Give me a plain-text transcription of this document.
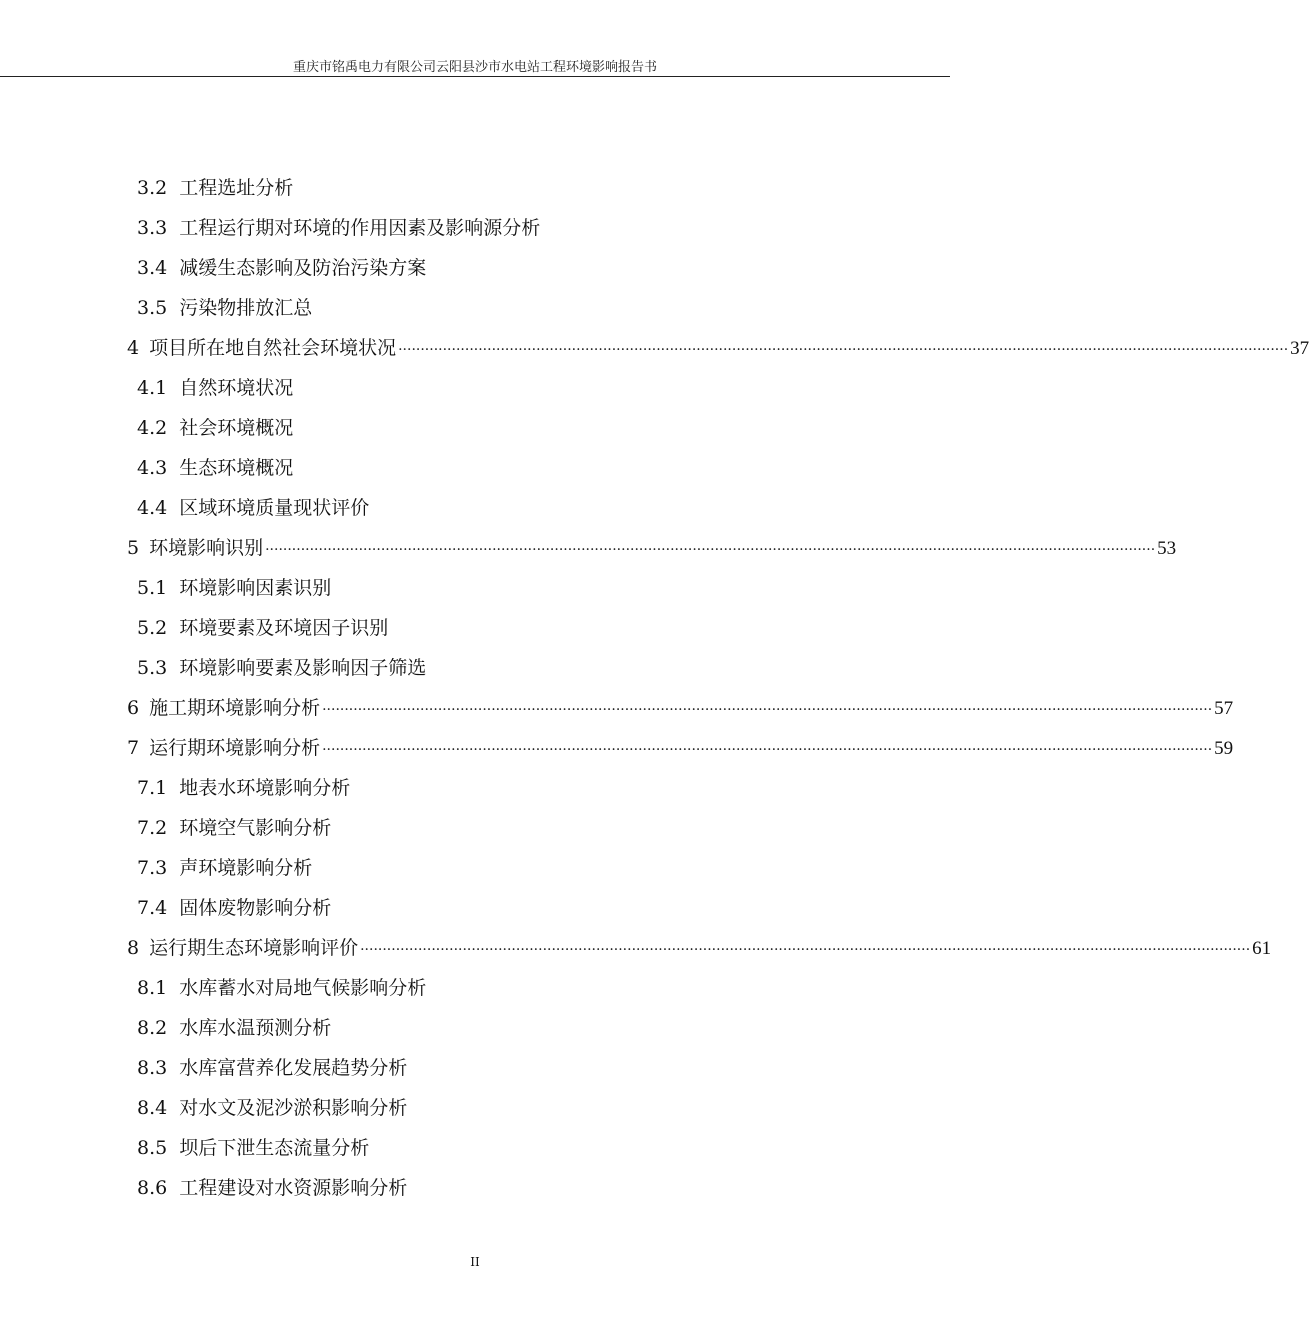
重庆市铭禹电力有限公司云阳县沙市水电站工程环境影响报告书
3.2 工程选址分析
3.3 工程运行期对环境的作用因素及影响源分析
3.4 减缓生态影响及防治污染方案
3.5 污染物排放汇总
4 项目所在地自然社会环境状况 ········································································································································································································ 37
4.1 自然环境状况
4.2 社会环境概况
4.3 生态环境概况
4.4 区域环境质量现状评价
5 环境影响识别 ········································································································································································································ 53
5.1 环境影响因素识别
5.2 环境要素及环境因子识别
5.3 环境影响要素及影响因子筛选
6 施工期环境影响分析 ········································································································································································································ 57
7 运行期环境影响分析 ········································································································································································································ 59
7.1 地表水环境影响分析
7.2 环境空气影响分析
7.3 声环境影响分析
7.4 固体废物影响分析
8 运行期生态环境影响评价 ········································································································································································································ 61
8.1 水库蓄水对局地气候影响分析
8.2 水库水温预测分析
8.3 水库富营养化发展趋势分析
8.4 对水文及泥沙淤积影响分析
8.5 坝后下泄生态流量分析
8.6 工程建设对水资源影响分析
II
